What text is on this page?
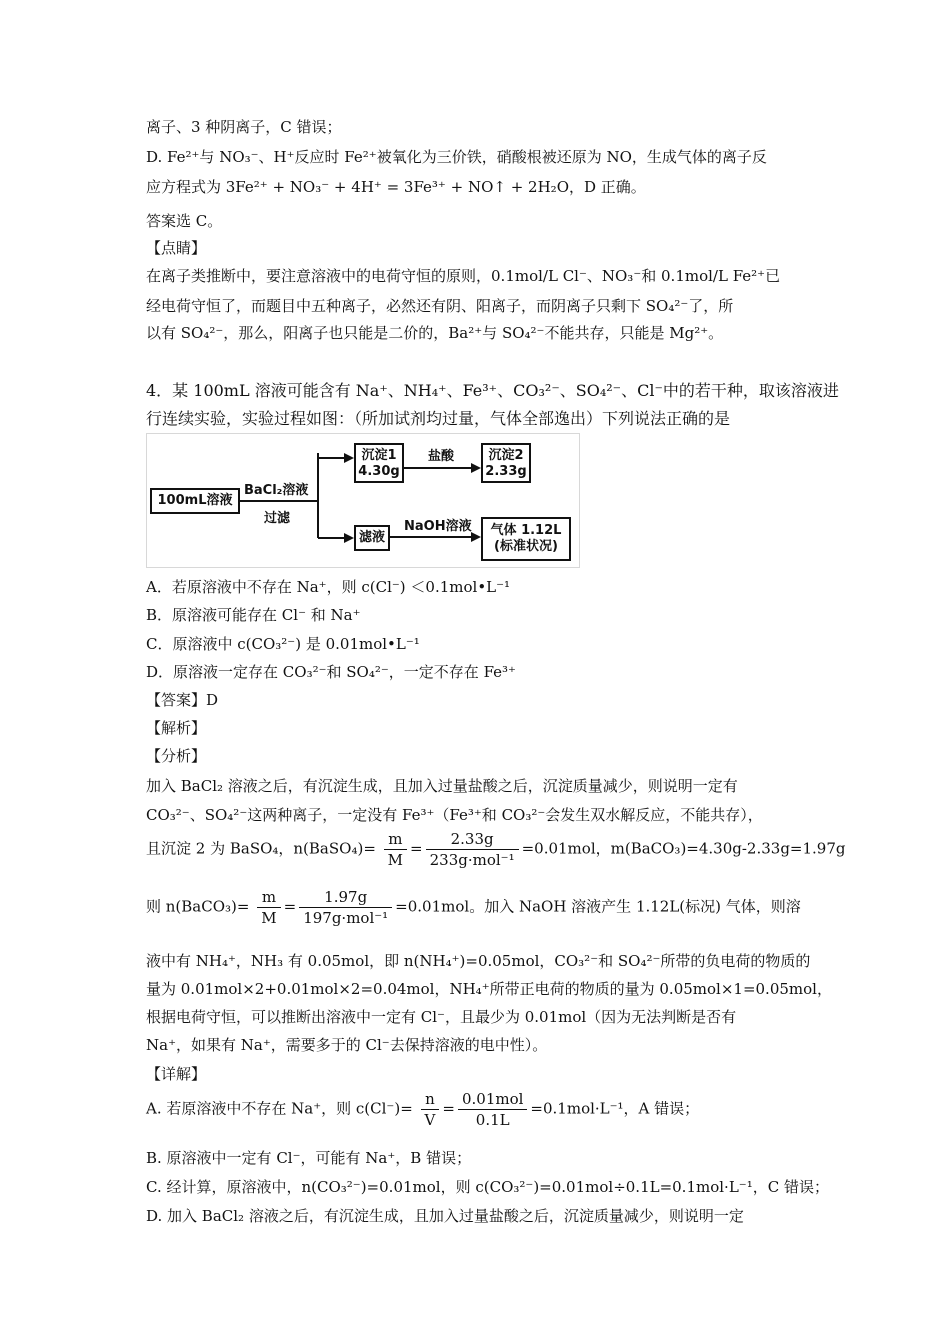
离子、3 种阴离子，C 错误；
D. Fe²⁺与 NO₃⁻、H⁺反应时 Fe²⁺被氧化为三价铁，硝酸根被还原为 NO，生成气体的离子反
应方程式为 3Fe²⁺ + NO₃⁻ + 4H⁺ = 3Fe³⁺ + NO↑ + 2H₂O，D 正确。
答案选 C。
【点睛】
在离子类推断中，要注意溶液中的电荷守恒的原则，0.1mol/L Cl⁻、NO₃⁻和 0.1mol/L Fe²⁺已
经电荷守恒了，而题目中五种离子，必然还有阴、阳离子，而阴离子只剩下 SO₄²⁻了，所
以有 SO₄²⁻，那么，阳离子也只能是二价的，Ba²⁺与 SO₄²⁻不能共存，只能是 Mg²⁺。
4．某 100mL 溶液可能含有 Na⁺、NH₄⁺、Fe³⁺、CO₃²⁻、SO₄²⁻、Cl⁻中的若干种，取该溶液进
行连续实验，实验过程如图：（所加试剂均过量，气体全部逸出）下列说法正确的是
100mL溶液
BaCl₂溶液
过滤
沉淀1
4.30g
盐酸	沉淀2
2.33g
滤液
NaOH溶液	气体 1.12L
(标准状况)
A．若原溶液中不存在 Na⁺，则 c(Cl⁻) ＜0.1mol•L⁻¹
B．原溶液可能存在 Cl⁻ 和 Na⁺
C．原溶液中 c(CO₃²⁻) 是 0.01mol•L⁻¹
D．原溶液一定存在 CO₃²⁻和 SO₄²⁻，一定不存在 Fe³⁺
【答案】D
【解析】
【分析】
加入 BaCl₂ 溶液之后，有沉淀生成，且加入过量盐酸之后，沉淀质量减少，则说明一定有
CO₃²⁻、SO₄²⁻这两种离子，一定没有 Fe³⁺（Fe³⁺和 CO₃²⁻会发生双水解反应，不能共存），
且沉淀 2 为 BaSO₄，n(BaSO₄)= $\frac{m}{M}$ =
2.33g
233g·mol⁻¹
=0.01mol，m(BaCO₃)=4.30g-2.33g=1.97g
则 n(BaCO₃)= $\frac{m}{M}$ =
1.97g
197g·mol⁻¹
=0.01mol。加入 NaOH 溶液产生 1.12L(标况) 气体，则溶
液中有 NH₄⁺，NH₃ 有 0.05mol，即 n(NH₄⁺)=0.05mol，CO₃²⁻和 SO₄²⁻所带的负电荷的物质的
量为 0.01mol×2+0.01mol×2=0.04mol，NH₄⁺所带正电荷的物质的量为 0.05mol×1=0.05mol，
根据电荷守恒，可以推断出溶液中一定有 Cl⁻，且最少为 0.01mol（因为无法判断是否有
Na⁺，如果有 Na⁺，需要多于的 Cl⁻去保持溶液的电中性）。
【详解】
A. 若原溶液中不存在 Na⁺，则 $c(Cl^-)= \frac{n}{V}$ =
0.01mol
0.1L
=0.1mol·L⁻¹，A 错误；
B. 原溶液中一定有 Cl⁻，可能有 Na⁺，B 错误；
C. 经计算，原溶液中，n(CO₃²⁻)=0.01mol，则 c(CO₃²⁻)=0.01mol÷0.1L=0.1mol·L⁻¹，C 错误；
D. 加入 BaCl₂ 溶液之后，有沉淀生成，且加入过量盐酸之后，沉淀质量减少，则说明一定
